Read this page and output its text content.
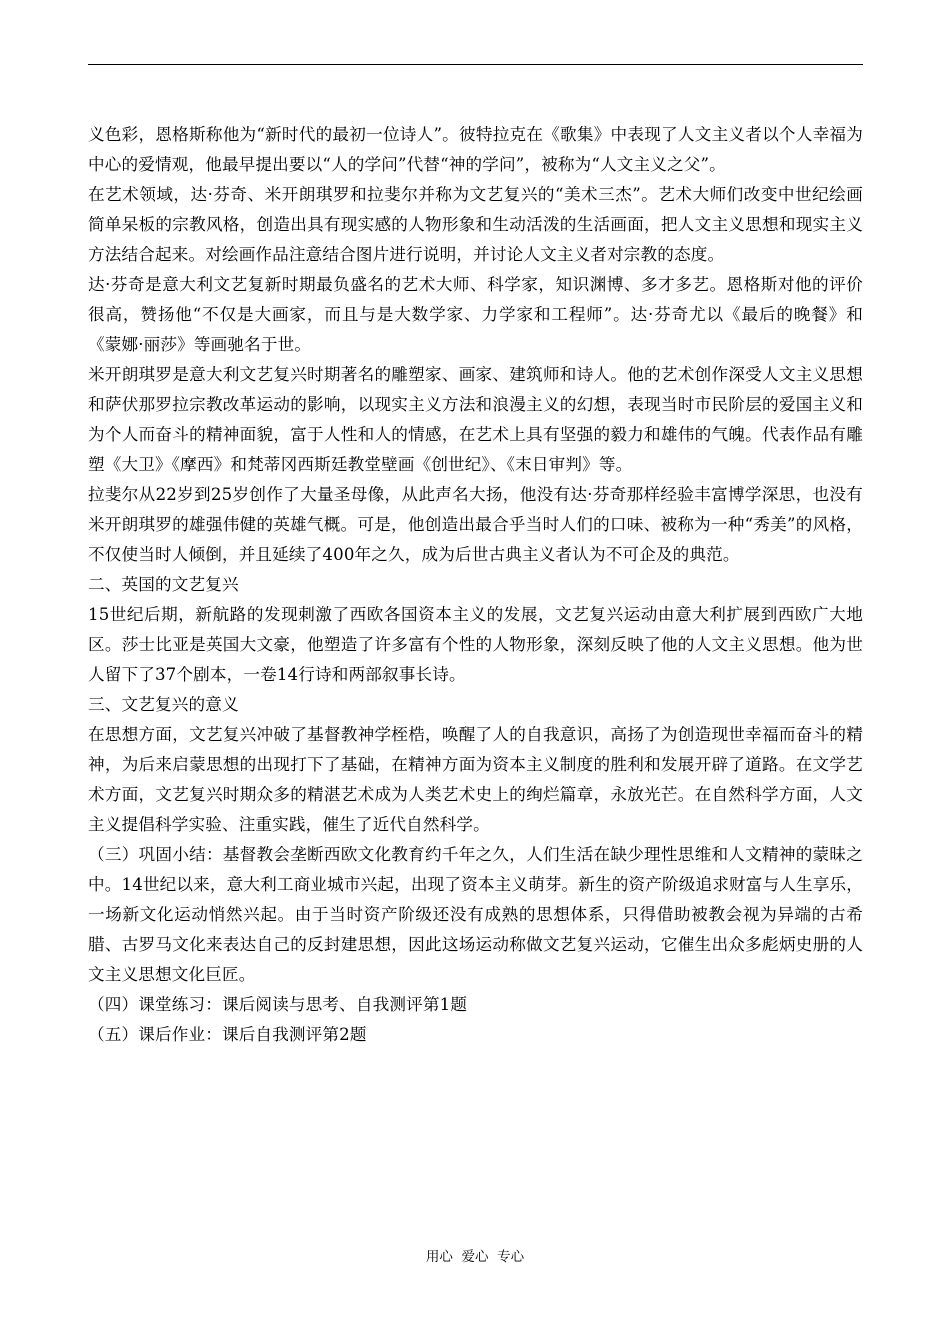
义色彩，恩格斯称他为“新时代的最初一位诗人”。彼特拉克在《歌集》中表现了人文主义者以个人幸福为中心的爱情观，他最早提出要以“人的学问”代替“神的学问”，被称为“人文主义之父”。

在艺术领域，达·芬奇、米开朗琪罗和拉斐尔并称为文艺复兴的“美术三杰”。艺术大师们改变中世纪绘画简单呆板的宗教风格，创造出具有现实感的人物形象和生动活泼的生活画面，把人文主义思想和现实主义方法结合起来。对绘画作品注意结合图片进行说明，并讨论人文主义者对宗教的态度。

达·芬奇是意大利文艺复新时期最负盛名的艺术大师、科学家，知识渊博、多才多艺。恩格斯对他的评价很高，赞扬他“不仅是大画家，而且与是大数学家、力学家和工程师”。达·芬奇尤以《最后的晚餐》和《蒙娜·丽莎》等画驰名于世。

米开朗琪罗是意大利文艺复兴时期著名的雕塑家、画家、建筑师和诗人。他的艺术创作深受人文主义思想和萨伏那罗拉宗教改革运动的影响，以现实主义方法和浪漫主义的幻想，表现当时市民阶层的爱国主义和为个人而奋斗的精神面貌，富于人性和人的情感，在艺术上具有坚强的毅力和雄伟的气魄。代表作品有雕塑《大卫》《摩西》和梵蒂冈西斯廷教堂壁画《创世纪》、《末日审判》等。

拉斐尔从22岁到25岁创作了大量圣母像，从此声名大扬，他没有达·芬奇那样经验丰富博学深思，也没有米开朗琪罗的雄强伟健的英雄气概。可是，他创造出最合乎当时人们的口味、被称为一种“秀美”的风格，不仅使当时人倾倒，并且延续了400年之久，成为后世古典主义者认为不可企及的典范。

二、英国的文艺复兴

15世纪后期，新航路的发现刺激了西欧各国资本主义的发展，文艺复兴运动由意大利扩展到西欧广大地区。莎士比亚是英国大文豪，他塑造了许多富有个性的人物形象，深刻反映了他的人文主义思想。他为世人留下了37个剧本，一卷14行诗和两部叙事长诗。

三、文艺复兴的意义

在思想方面，文艺复兴冲破了基督教神学桎梏，唤醒了人的自我意识，高扬了为创造现世幸福而奋斗的精神，为后来启蒙思想的出现打下了基础，在精神方面为资本主义制度的胜利和发展开辟了道路。在文学艺术方面，文艺复兴时期众多的精湛艺术成为人类艺术史上的绚烂篇章，永放光芒。在自然科学方面，人文主义提倡科学实验、注重实践，催生了近代自然科学。

（三）巩固小结：基督教会垄断西欧文化教育约千年之久，人们生活在缺少理性思维和人文精神的蒙昧之中。14世纪以来，意大利工商业城市兴起，出现了资本主义萌芽。新生的资产阶级追求财富与人生享乐，一场新文化运动悄然兴起。由于当时资产阶级还没有成熟的思想体系，只得借助被教会视为异端的古希腊、古罗马文化来表达自己的反封建思想，因此这场运动称做文艺复兴运动，它催生出众多彪炳史册的人文主义思想文化巨匠。

（四）课堂练习：课后阅读与思考、自我测评第1题

（五）课后作业：课后自我测评第2题

用心  爱心  专心
